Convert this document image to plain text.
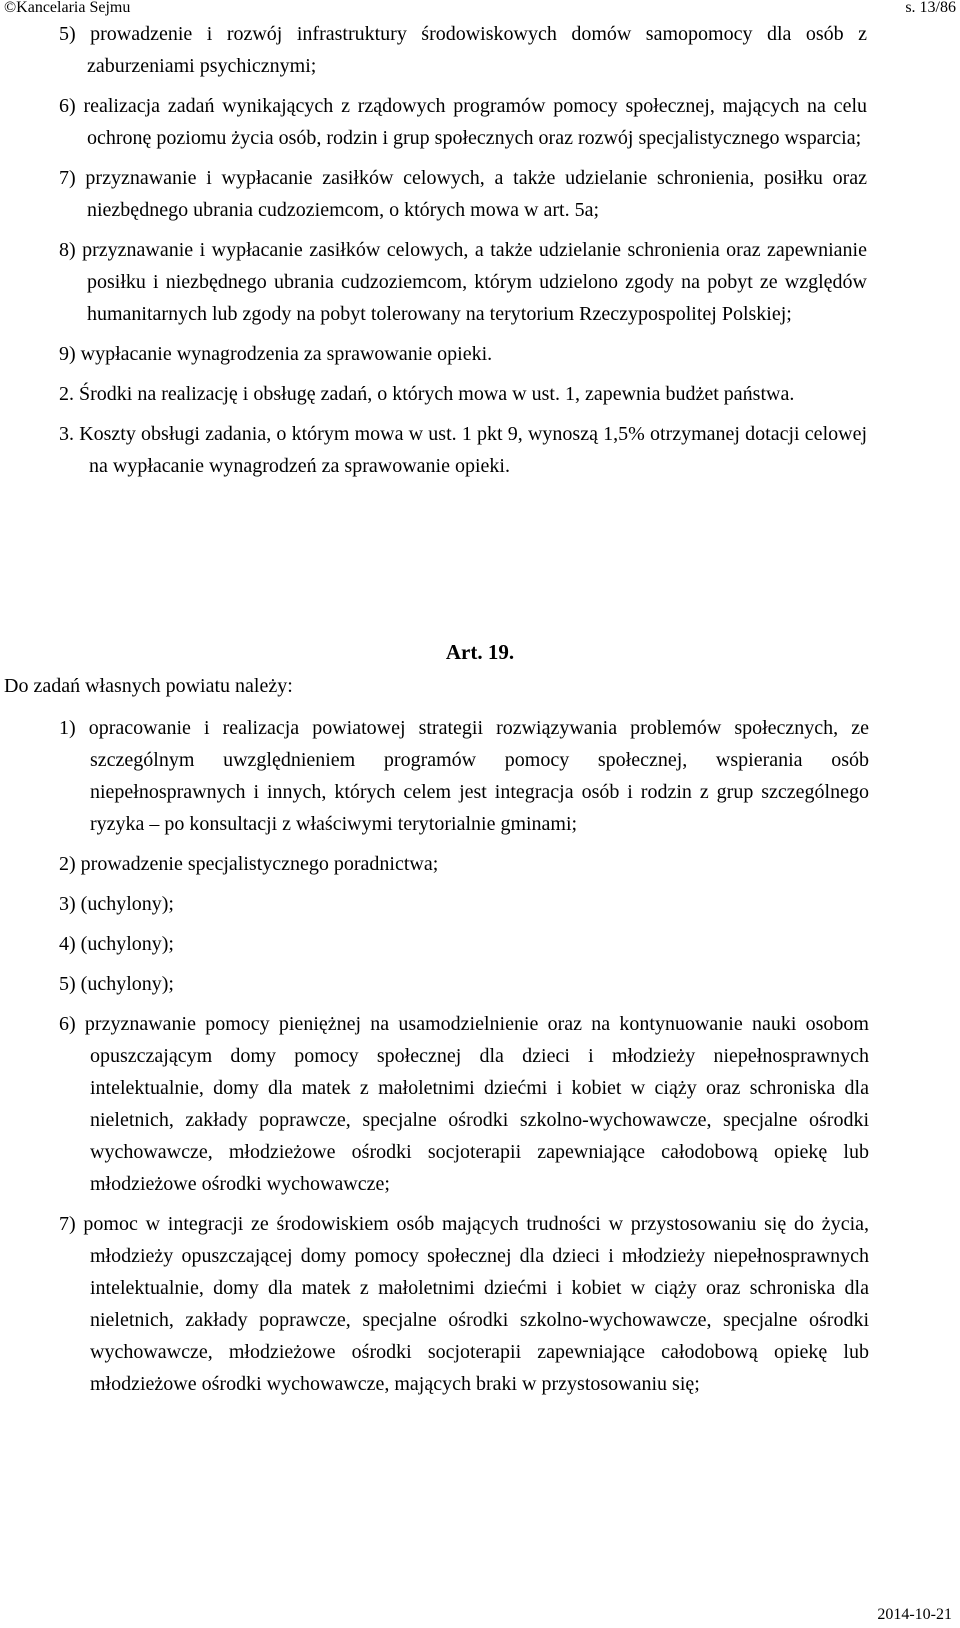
©Kancelaria Sejmu	s. 13/86
5) prowadzenie i rozwój infrastruktury środowiskowych domów samopomocy dla osób z zaburzeniami psychicznymi;
6) realizacja zadań wynikających z rządowych programów pomocy społecznej, mających na celu ochronę poziomu życia osób, rodzin i grup społecznych oraz rozwój specjalistycznego wsparcia;
7) przyznawanie i wypłacanie zasiłków celowych, a także udzielanie schronienia, posiłku oraz niezbędnego ubrania cudzoziemcom, o których mowa w art. 5a;
8) przyznawanie i wypłacanie zasiłków celowych, a także udzielanie schronienia oraz zapewnianie posiłku i niezbędnego ubrania cudzoziemcom, którym udzielono zgody na pobyt ze względów humanitarnych lub zgody na pobyt tolerowany na terytorium Rzeczypospolitej Polskiej;
9) wypłacanie wynagrodzenia za sprawowanie opieki.
2. Środki na realizację i obsługę zadań, o których mowa w ust. 1, zapewnia budżet państwa.
3. Koszty obsługi zadania, o którym mowa w ust. 1 pkt 9, wynoszą 1,5% otrzymanej dotacji celowej na wypłacanie wynagrodzeń za sprawowanie opieki.
Art. 19.
Do zadań własnych powiatu należy:
1) opracowanie i realizacja powiatowej strategii rozwiązywania problemów społecznych, ze szczególnym uwzględnieniem programów pomocy społecznej, wspierania osób niepełnosprawnych i innych, których celem jest integracja osób i rodzin z grup szczególnego ryzyka – po konsultacji z właściwymi terytorialnie gminami;
2) prowadzenie specjalistycznego poradnictwa;
3) (uchylony);
4) (uchylony);
5) (uchylony);
6) przyznawanie pomocy pieniężnej na usamodzielnienie oraz na kontynuowanie nauki osobom opuszczającym domy pomocy społecznej dla dzieci i młodzieży niepełnosprawnych intelektualnie, domy dla matek z małoletnimi dziećmi i kobiet w ciąży oraz schroniska dla nieletnich, zakłady poprawcze, specjalne ośrodki szkolno-wychowawcze, specjalne ośrodki wychowawcze, młodzieżowe ośrodki socjoterapii zapewniające całodobową opiekę lub młodzieżowe ośrodki wychowawcze;
7) pomoc w integracji ze środowiskiem osób mających trudności w przystosowaniu się do życia, młodzieży opuszczającej domy pomocy społecznej dla dzieci i młodzieży niepełnosprawnych intelektualnie, domy dla matek z małoletnimi dziećmi i kobiet w ciąży oraz schroniska dla nieletnich, zakłady poprawcze, specjalne ośrodki szkolno-wychowawcze, specjalne ośrodki wychowawcze, młodzieżowe ośrodki socjoterapii zapewniające całodobową opiekę lub młodzieżowe ośrodki wychowawcze, mających braki w przystosowaniu się;
2014-10-21
